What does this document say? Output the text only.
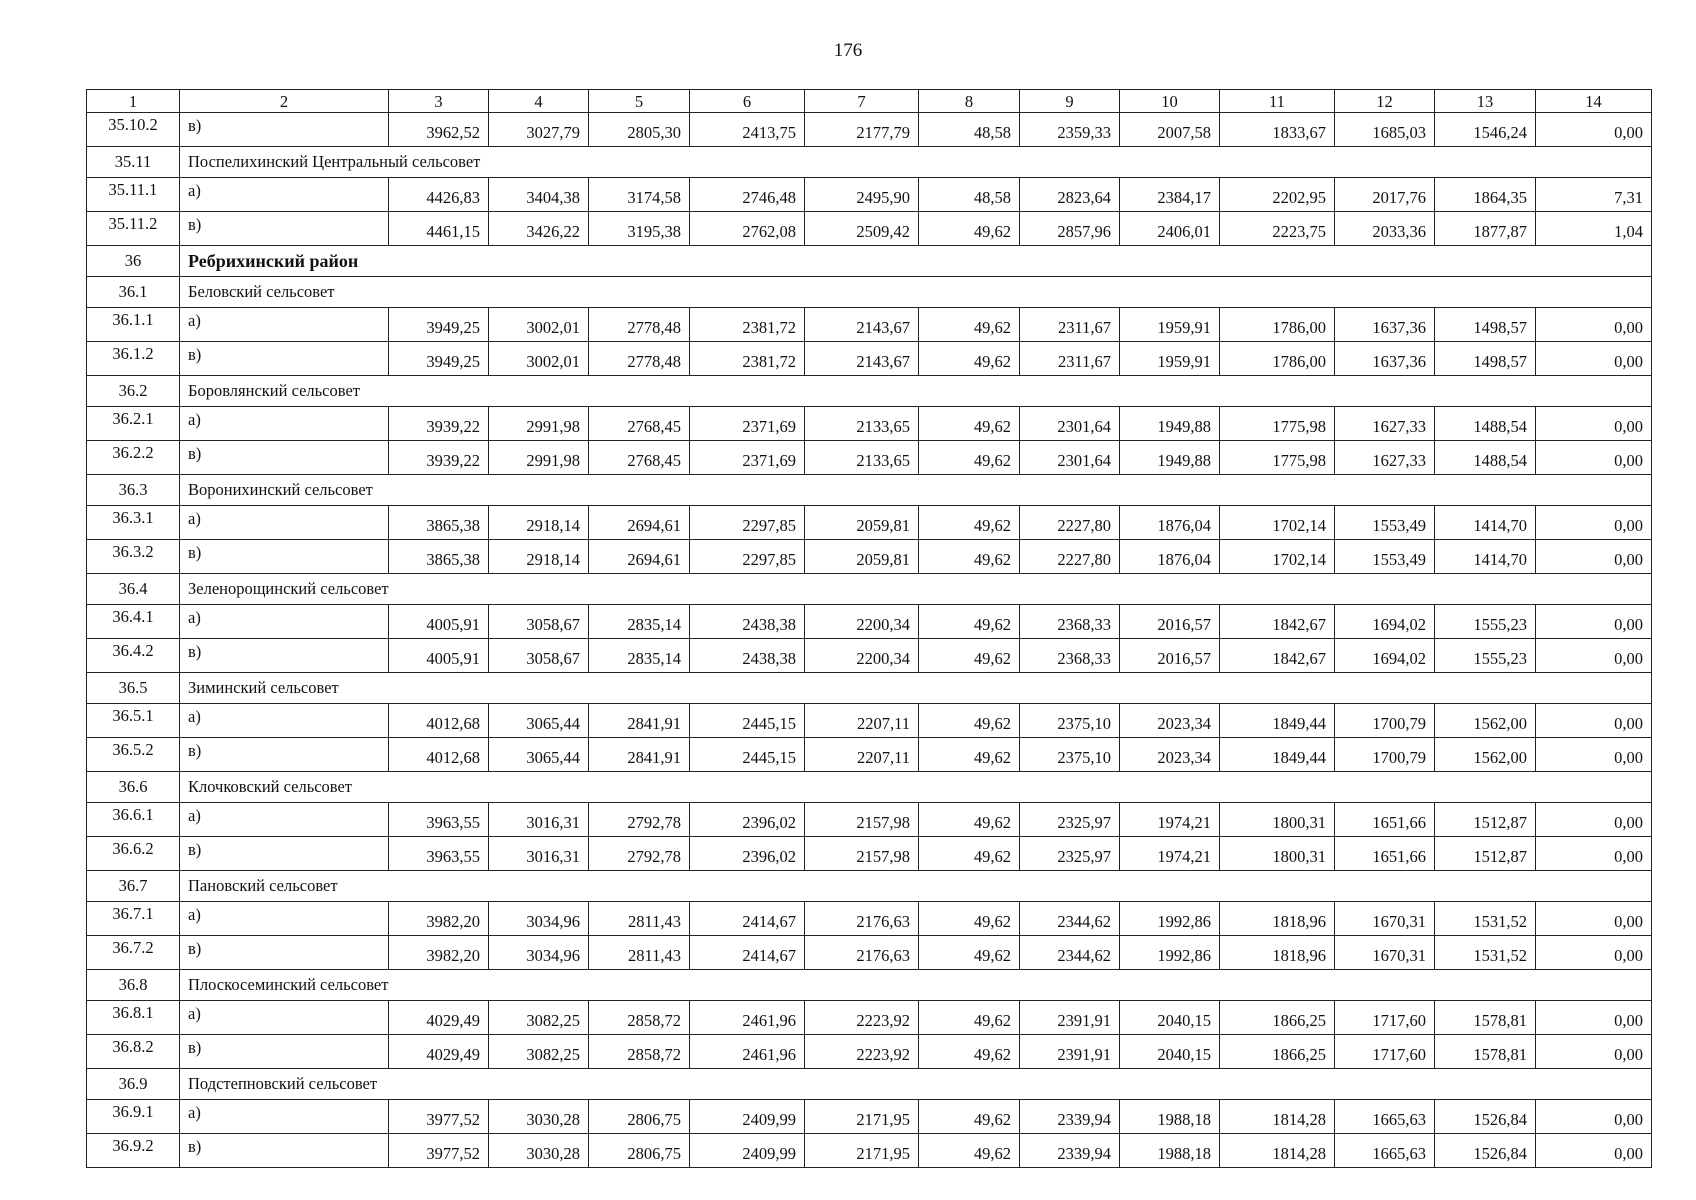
176
1	2	3	4	5	6	7	8	9	10	11	12	13	14
35.10.2	в)	3962,52	3027,79	2805,30	2413,75	2177,79	48,58	2359,33	2007,58	1833,67	1685,03	1546,24	0,00
35.11	Поспелихинский Центральный сельсовет												
35.11.1	а)	4426,83	3404,38	3174,58	2746,48	2495,90	48,58	2823,64	2384,17	2202,95	2017,76	1864,35	7,31
35.11.2	в)	4461,15	3426,22	3195,38	2762,08	2509,42	49,62	2857,96	2406,01	2223,75	2033,36	1877,87	1,04
36	Ребрихинский район												
36.1	Беловский сельсовет												
36.1.1	а)	3949,25	3002,01	2778,48	2381,72	2143,67	49,62	2311,67	1959,91	1786,00	1637,36	1498,57	0,00
36.1.2	в)	3949,25	3002,01	2778,48	2381,72	2143,67	49,62	2311,67	1959,91	1786,00	1637,36	1498,57	0,00
36.2	Боровлянский сельсовет												
36.2.1	а)	3939,22	2991,98	2768,45	2371,69	2133,65	49,62	2301,64	1949,88	1775,98	1627,33	1488,54	0,00
36.2.2	в)	3939,22	2991,98	2768,45	2371,69	2133,65	49,62	2301,64	1949,88	1775,98	1627,33	1488,54	0,00
36.3	Воронихинский сельсовет												
36.3.1	а)	3865,38	2918,14	2694,61	2297,85	2059,81	49,62	2227,80	1876,04	1702,14	1553,49	1414,70	0,00
36.3.2	в)	3865,38	2918,14	2694,61	2297,85	2059,81	49,62	2227,80	1876,04	1702,14	1553,49	1414,70	0,00
36.4	Зеленорощинский сельсовет												
36.4.1	а)	4005,91	3058,67	2835,14	2438,38	2200,34	49,62	2368,33	2016,57	1842,67	1694,02	1555,23	0,00
36.4.2	в)	4005,91	3058,67	2835,14	2438,38	2200,34	49,62	2368,33	2016,57	1842,67	1694,02	1555,23	0,00
36.5	Зиминский сельсовет												
36.5.1	а)	4012,68	3065,44	2841,91	2445,15	2207,11	49,62	2375,10	2023,34	1849,44	1700,79	1562,00	0,00
36.5.2	в)	4012,68	3065,44	2841,91	2445,15	2207,11	49,62	2375,10	2023,34	1849,44	1700,79	1562,00	0,00
36.6	Клочковский сельсовет												
36.6.1	а)	3963,55	3016,31	2792,78	2396,02	2157,98	49,62	2325,97	1974,21	1800,31	1651,66	1512,87	0,00
36.6.2	в)	3963,55	3016,31	2792,78	2396,02	2157,98	49,62	2325,97	1974,21	1800,31	1651,66	1512,87	0,00
36.7	Пановский сельсовет												
36.7.1	а)	3982,20	3034,96	2811,43	2414,67	2176,63	49,62	2344,62	1992,86	1818,96	1670,31	1531,52	0,00
36.7.2	в)	3982,20	3034,96	2811,43	2414,67	2176,63	49,62	2344,62	1992,86	1818,96	1670,31	1531,52	0,00
36.8	Плоскосеминский сельсовет												
36.8.1	а)	4029,49	3082,25	2858,72	2461,96	2223,92	49,62	2391,91	2040,15	1866,25	1717,60	1578,81	0,00
36.8.2	в)	4029,49	3082,25	2858,72	2461,96	2223,92	49,62	2391,91	2040,15	1866,25	1717,60	1578,81	0,00
36.9	Подстепновский сельсовет												
36.9.1	а)	3977,52	3030,28	2806,75	2409,99	2171,95	49,62	2339,94	1988,18	1814,28	1665,63	1526,84	0,00
36.9.2	в)	3977,52	3030,28	2806,75	2409,99	2171,95	49,62	2339,94	1988,18	1814,28	1665,63	1526,84	0,00
